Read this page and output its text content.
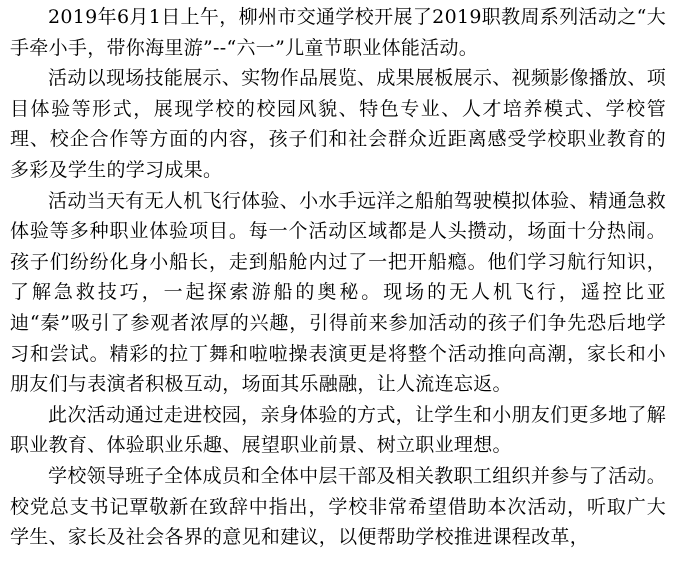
2019年6月1日上午，柳州市交通学校开展了2019职教周系列活动之“大手牵小手，带你海里游”--“六一”儿童节职业体能活动。

活动以现场技能展示、实物作品展览、成果展板展示、视频影像播放、项目体验等形式，展现学校的校园风貌、特色专业、人才培养模式、学校管理、校企合作等方面的内容，孩子们和社会群众近距离感受学校职业教育的多彩及学生的学习成果。

活动当天有无人机飞行体验、小水手远洋之船舶驾驶模拟体验、精通急救体验等多种职业体验项目。每一个活动区域都是人头攒动，场面十分热闹。孩子们纷纷化身小船长，走到船舱内过了一把开船瘾。他们学习航行知识，了解急救技巧，一起探索游船的奥秘。现场的无人机飞行，遥控比亚迪“秦”吸引了参观者浓厚的兴趣，引得前来参加活动的孩子们争先恐后地学习和尝试。精彩的拉丁舞和啦啦操表演更是将整个活动推向高潮，家长和小朋友们与表演者积极互动，场面其乐融融，让人流连忘返。

此次活动通过走进校园，亲身体验的方式，让学生和小朋友们更多地了解职业教育、体验职业乐趣、展望职业前景、树立职业理想。

学校领导班子全体成员和全体中层干部及相关教职工组织并参与了活动。校党总支书记覃敬新在致辞中指出，学校非常希望借助本次活动，听取广大学生、家长及社会各界的意见和建议，以便帮助学校推进课程改革，
